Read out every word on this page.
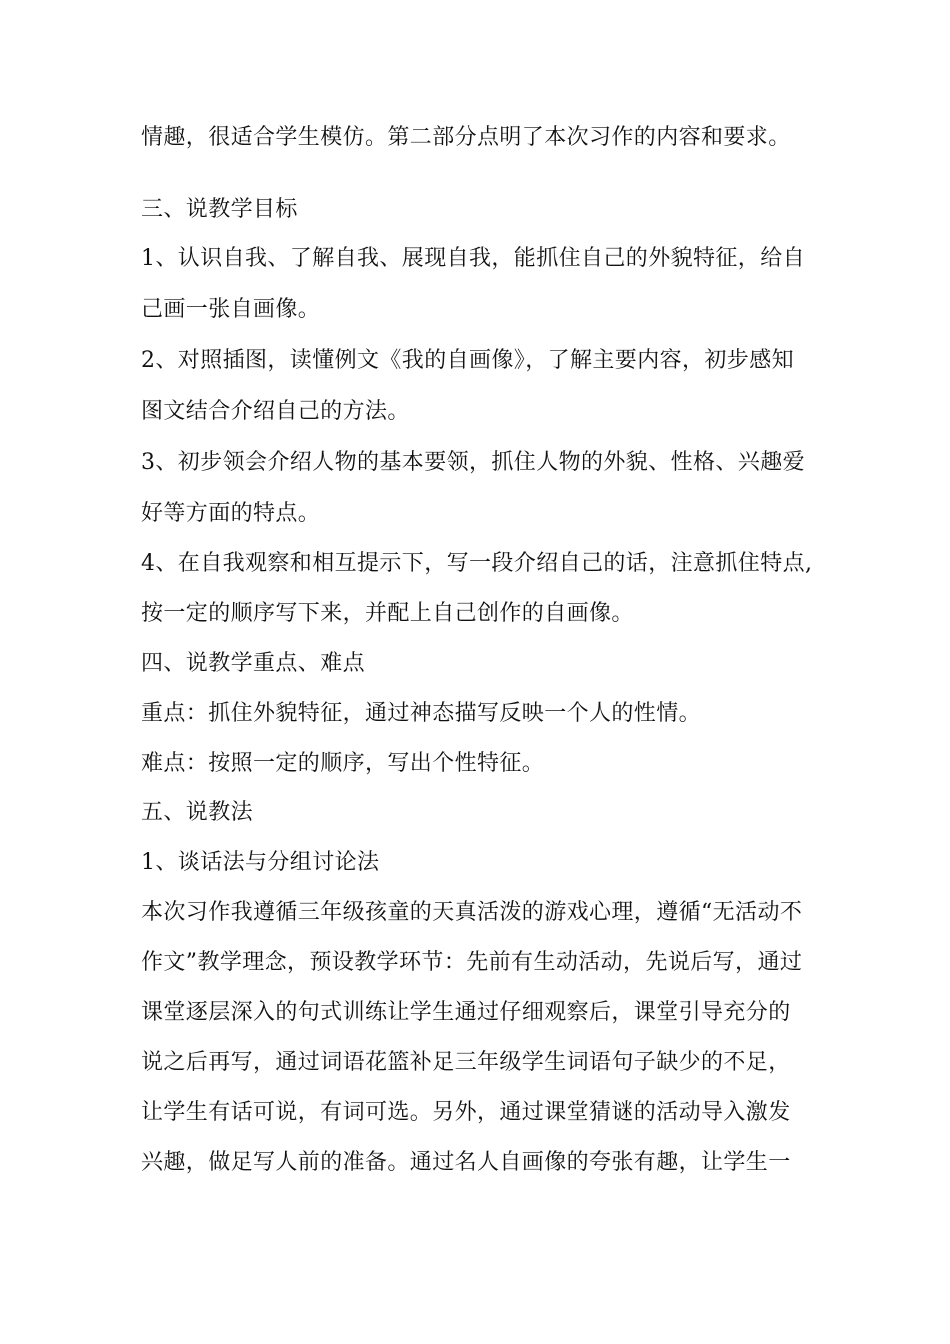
情趣，很适合学生模仿。第二部分点明了本次习作的内容和要求。
三、说教学目标
1、认识自我、了解自我、展现自我，能抓住自己的外貌特征，给自
己画一张自画像。
2、对照插图，读懂例文《我的自画像》，了解主要内容，初步感知
图文结合介绍自己的方法。
3、初步领会介绍人物的基本要领，抓住人物的外貌、性格、兴趣爱
好等方面的特点。
4、在自我观察和相互提示下，写一段介绍自己的话，注意抓住特点,
按一定的顺序写下来，并配上自己创作的自画像。
四、说教学重点、难点
重点：抓住外貌特征，通过神态描写反映一个人的性情。
难点：按照一定的顺序，写出个性特征。
五、说教法
1、谈话法与分组讨论法
本次习作我遵循三年级孩童的天真活泼的游戏心理，遵循“无活动不
作文”教学理念，预设教学环节：先前有生动活动，先说后写，通过
课堂逐层深入的句式训练让学生通过仔细观察后，课堂引导充分的
说之后再写，通过词语花篮补足三年级学生词语句子缺少的不足，
让学生有话可说，有词可选。另外，通过课堂猜谜的活动导入激发
兴趣，做足写人前的准备。通过名人自画像的夸张有趣，让学生一
